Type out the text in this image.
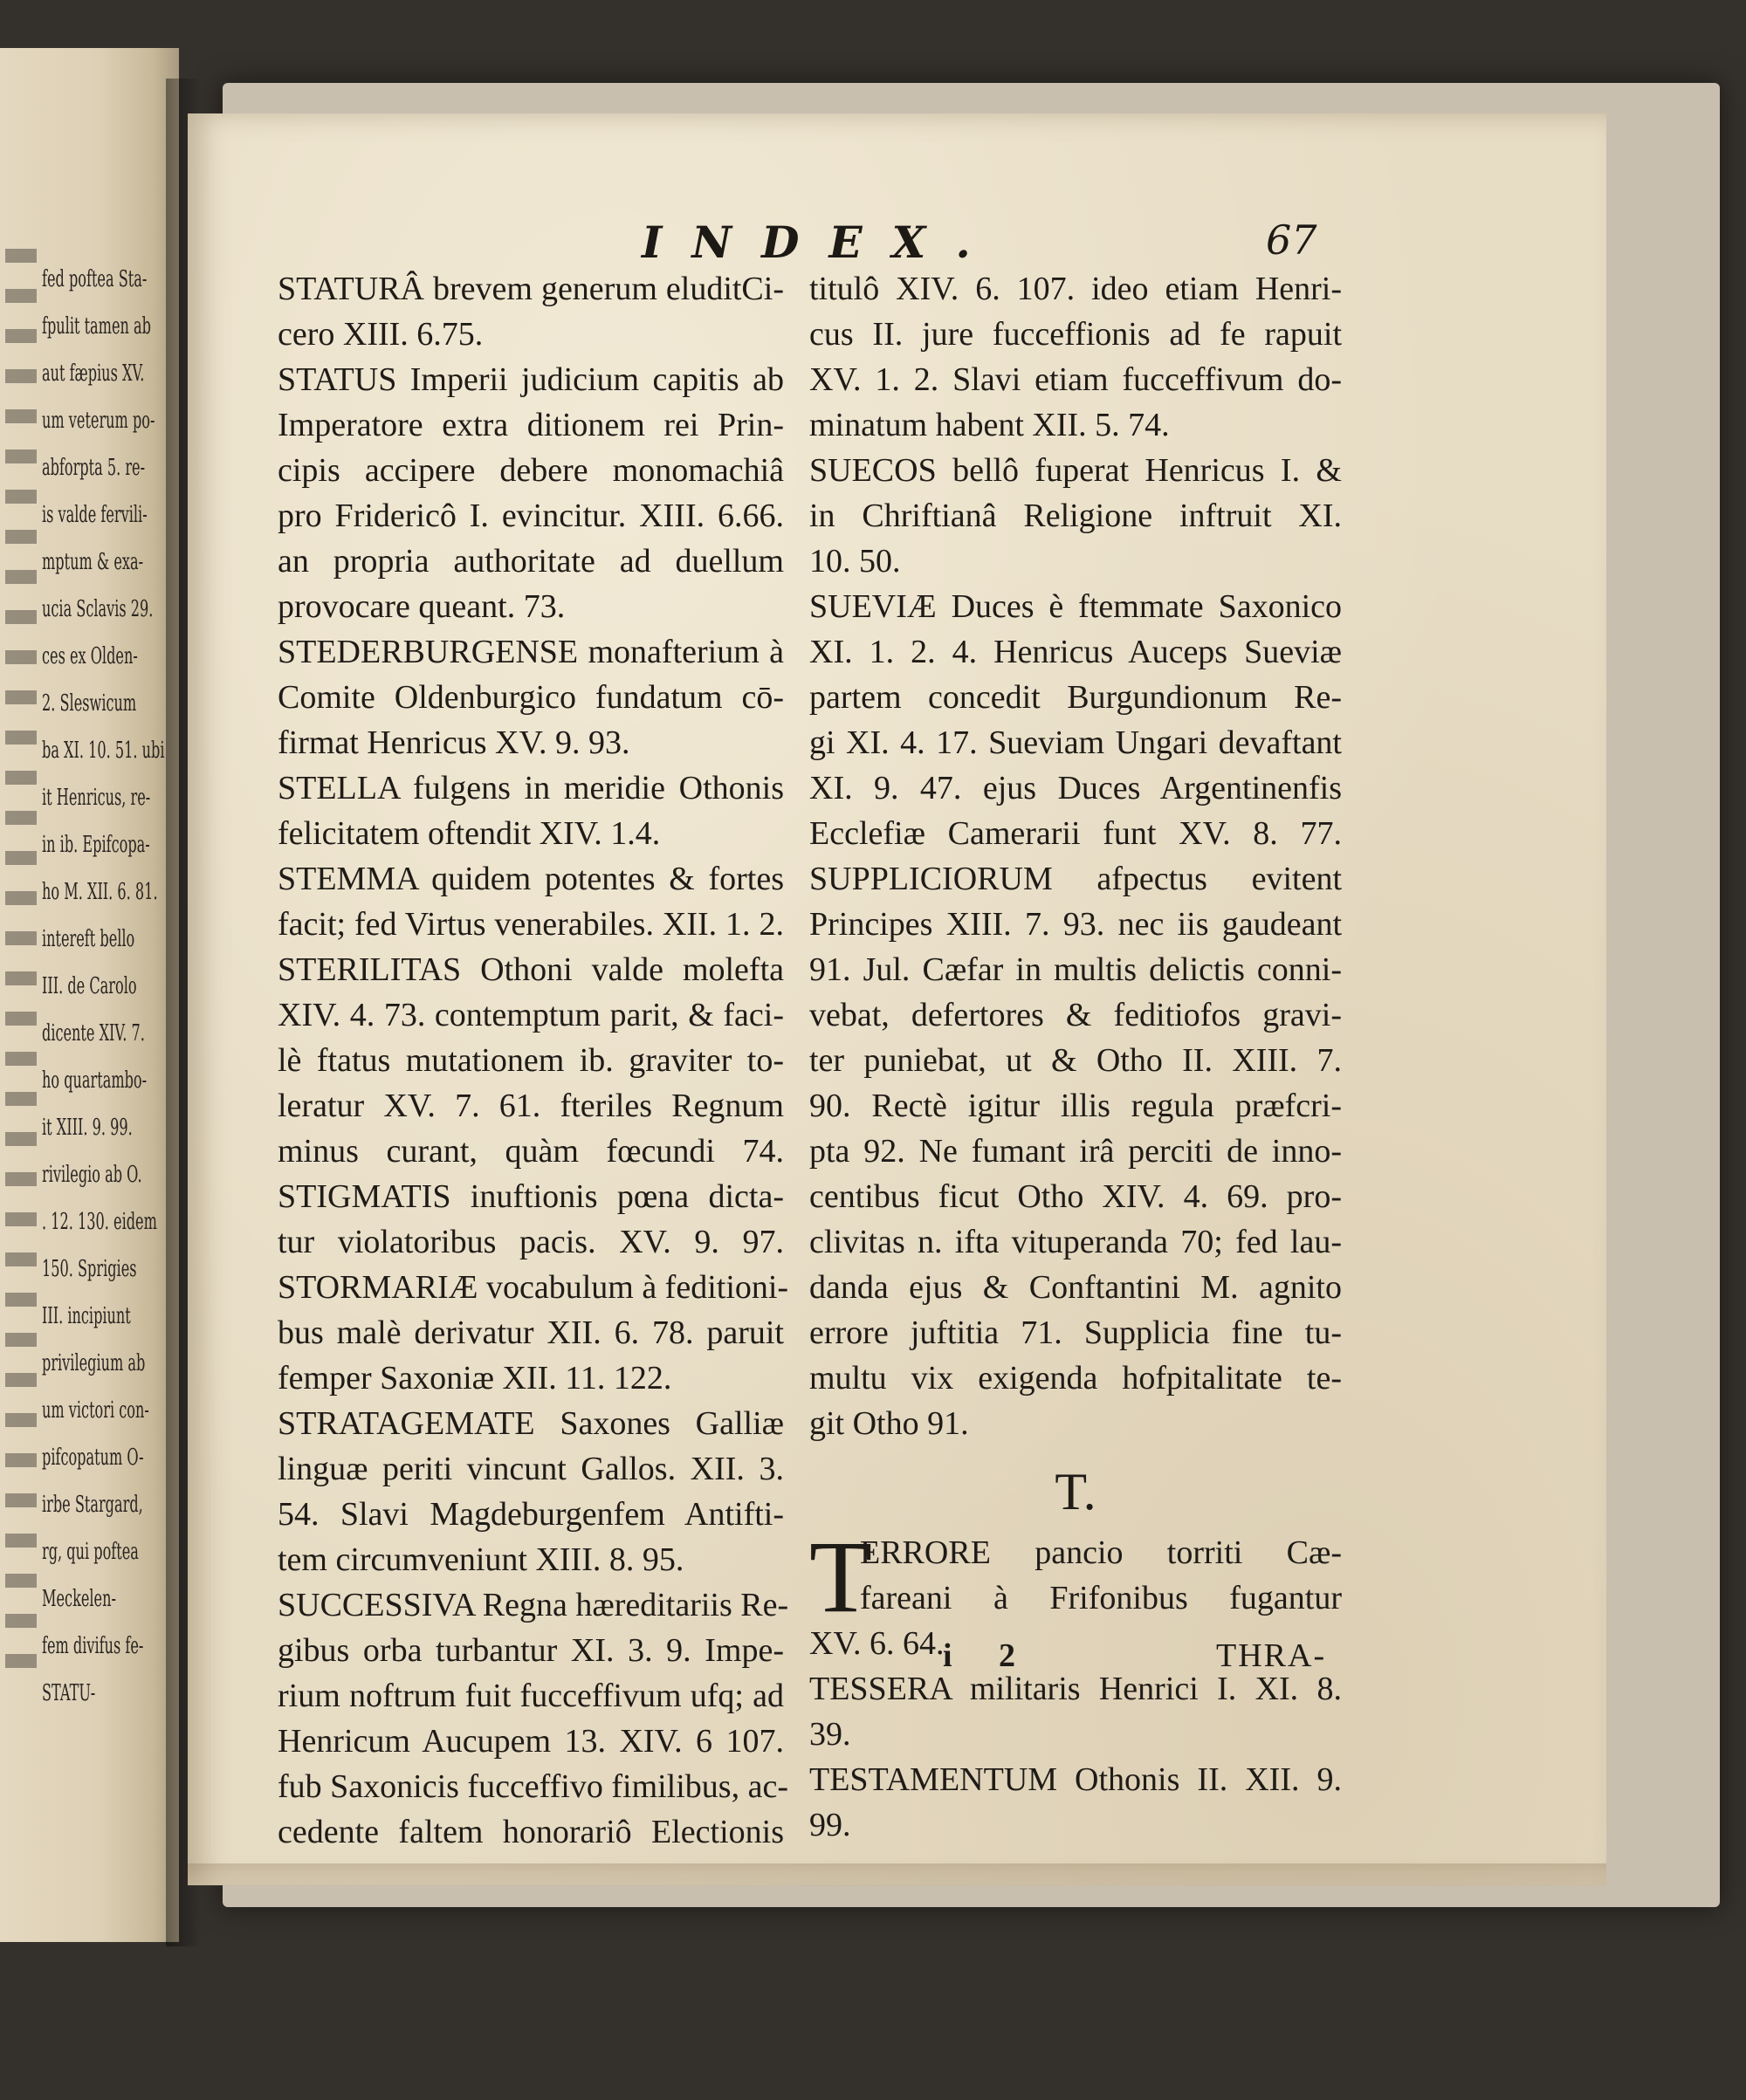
fed poftea Sta-
fpulit tamen ab
aut fæpius XV.
um veterum po-
abforpta 5. re-
is valde fervili-
mptum & exa-
ucia Sclavis 29.
ces ex Olden-
2. Sleswicum
ba XI. 10. 51. ubi
it Henricus, re-
in ib. Epifcopa-
ho M. XII. 6. 81.
intereft bello
III. de Carolo
dicente XIV. 7.
ho quartambo-
it XIII. 9. 99.
rivilegio ab O.
. 12. 130. eidem
150. Sprigies
III. incipiunt
privilegium ab
um victori con-
pifcopatum O-
irbe Stargard,
rg, qui poftea
Meckelen-
fem divifus fe-
STATU-
INDEX.	67
STATURÂ brevem generum eluditCi-
cero XIII. 6.75.
STATUS Imperii judicium capitis ab
Imperatore extra ditionem rei Prin-
cipis accipere debere monomachiâ
pro Fridericô I. evincitur. XIII. 6.66.
an propria authoritate ad duellum
provocare queant. 73.
STEDERBURGENSE monafterium à
Comite Oldenburgico fundatum cō-
firmat Henricus XV. 9. 93.
STELLA fulgens in meridie Othonis
felicitatem oftendit XIV. 1.4.
STEMMA quidem potentes & fortes
facit; fed Virtus venerabiles. XII. 1. 2.
STERILITAS Othoni valde molefta
XIV. 4. 73. contemptum parit, & faci-
lè ftatus mutationem ib. graviter to-
leratur XV. 7. 61. fteriles Regnum
minus curant, quàm fœcundi 74.
STIGMATIS inuftionis pœna dicta-
tur violatoribus pacis. XV. 9. 97.
STORMARIÆ vocabulum à feditioni-
bus malè derivatur XII. 6. 78. paruit
femper Saxoniæ XII. 11. 122.
STRATAGEMATE Saxones Galliæ
linguæ periti vincunt Gallos. XII. 3.
54. Slavi Magdeburgenfem Antifti-
tem circumveniunt XIII. 8. 95.
SUCCESSIVA Regna hæreditariis Re-
gibus orba turbantur XI. 3. 9. Impe-
rium noftrum fuit fucceffivum ufq; ad
Henricum Aucupem 13. XIV. 6 107.
fub Saxonicis fucceffivo fimilibus, ac-
cedente faltem honorariô Electionis
titulô XIV. 6. 107. ideo etiam Henri-
cus II. jure fucceffionis ad fe rapuit
XV. 1. 2. Slavi etiam fucceffivum do-
minatum habent XII. 5. 74.
SUECOS bellô fuperat Henricus I. &
in Chriftianâ Religione inftruit XI.
10. 50.
SUEVIÆ Duces è ftemmate Saxonico
XI. 1. 2. 4. Henricus Auceps Sueviæ
partem concedit Burgundionum Re-
gi XI. 4. 17. Sueviam Ungari devaftant
XI. 9. 47. ejus Duces Argentinenfis
Ecclefiæ Camerarii funt XV. 8. 77.
SUPPLICIORUM afpectus evitent
Principes XIII. 7. 93. nec iis gaudeant
91. Jul. Cæfar in multis delictis conni-
vebat, defertores & feditiofos gravi-
ter puniebat, ut & Otho II. XIII. 7.
90. Rectè igitur illis regula præfcri-
pta 92. Ne fumant irâ perciti de inno-
centibus ficut Otho XIV. 4. 69. pro-
clivitas n. ifta vituperanda 70; fed lau-
danda ejus & Conftantini M. agnito
errore juftitia 71. Supplicia fine tu-
multu vix exigenda hofpitalitate te-
git Otho 91.
T.
T
ERRORE pancio torriti Cæ-
fareani à Frifonibus fugantur
XV. 6. 64.
TESSERA militaris Henrici I. XI. 8.
39.
TESTAMENTUM Othonis II. XII. 9.
99.
i 2	THRA-
